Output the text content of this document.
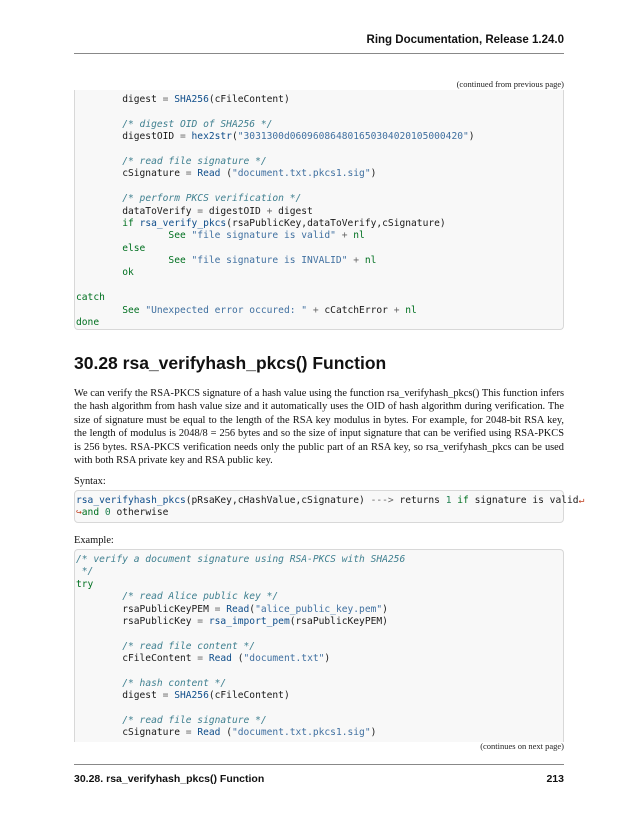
Ring Documentation, Release 1.24.0
(continued from previous page)
digest = SHA256(cFileContent)
/* digest OID of SHA256 */
digestOID = hex2str("3031300d060960864801650304020105000420")
/* read file signature */
cSignature = Read ("document.txt.pkcs1.sig")
/* perform PKCS verification */
dataToVerify = digestOID + digest
if rsa_verify_pkcs(rsaPublicKey,dataToVerify,cSignature)
See "file signature is valid" + nl
else
See "file signature is INVALID" + nl
ok
catch
See "Unexpected error occured: " + cCatchError + nl
done
30.28 rsa_verifyhash_pkcs() Function
We can verify the RSA-PKCS signature of a hash value using the function rsa_verifyhash_pkcs() This function infers the hash algorithm from hash value size and it automatically uses the OID of hash algorithm during verification. The size of signature must be equal to the length of the RSA key modulus in bytes. For example, for 2048-bit RSA key, the length of modulus is 2048/8 = 256 bytes and so the size of input signature that can be verified using RSA-PKCS is 256 bytes. RSA-PKCS verification needs only the public part of an RSA key, so rsa_verifyhash_pkcs can be used with both RSA private key and RSA public key.
Syntax:
rsa_verifyhash_pkcs(pRsaKey,cHashValue,cSignature) ---> returns 1 if signature is valid↵
↪and 0 otherwise
Example:
/* verify a document signature using RSA-PKCS with SHA256
*/
try
/* read Alice public key */
rsaPublicKeyPEM = Read("alice_public_key.pem")
rsaPublicKey = rsa_import_pem(rsaPublicKeyPEM)
/* read file content */
cFileContent = Read ("document.txt")
/* hash content */
digest = SHA256(cFileContent)
/* read file signature */
cSignature = Read ("document.txt.pkcs1.sig")
(continues on next page)
30.28. rsa_verifyhash_pkcs() Function	213
